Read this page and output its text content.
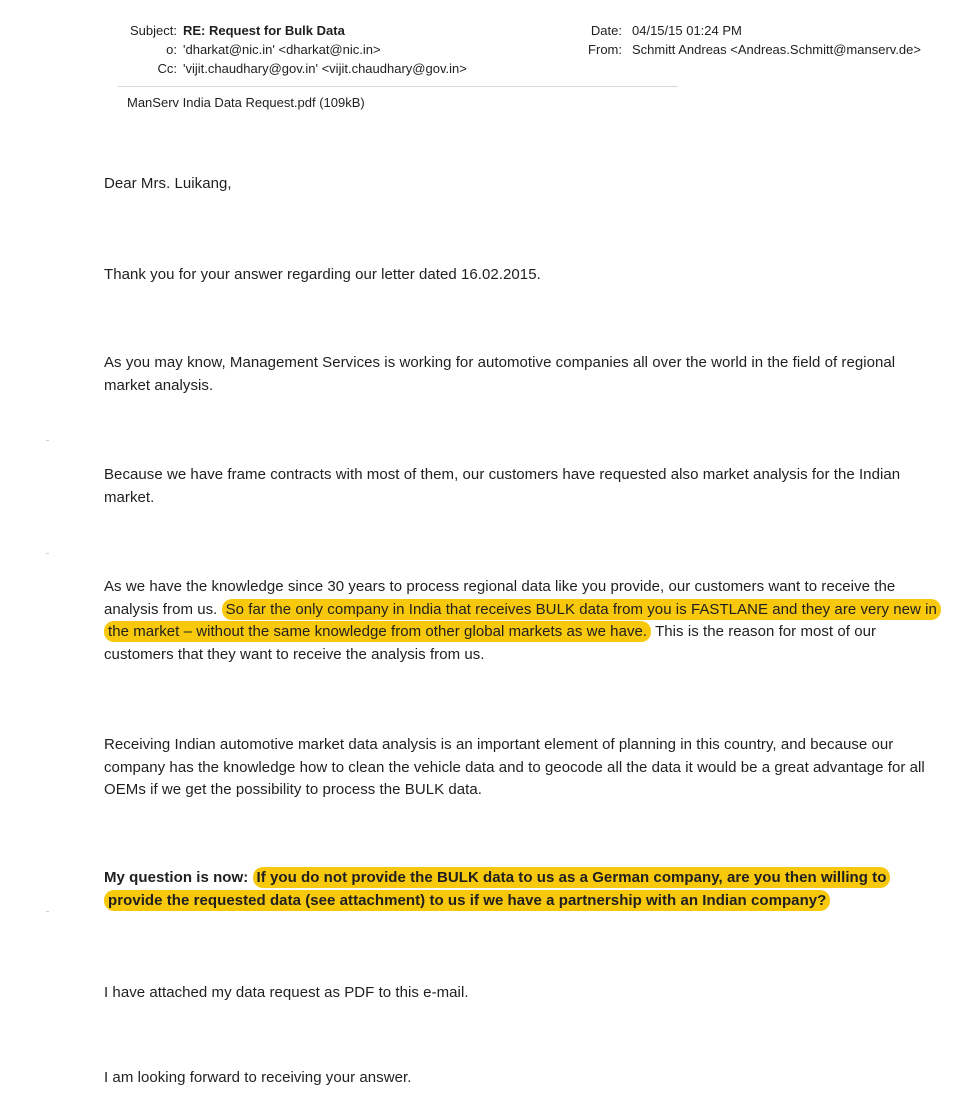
Subject: RE: Request for Bulk Data
o: 'dharkat@nic.in' <dharkat@nic.in>
Cc: 'vijit.chaudhary@gov.in' <vijit.chaudhary@gov.in>
Date: 04/15/15 01:24 PM
From: Schmitt Andreas <Andreas.Schmitt@manserv.de>
ManServ India Data Request.pdf (109kB)
Dear Mrs. Luikang,
Thank you for your answer regarding our letter dated 16.02.2015.
As you may know, Management Services is working for automotive companies all over the world in the field of regional market analysis.
Because we have frame contracts with most of them, our customers have requested also market analysis for the Indian market.
As we have the knowledge since 30 years to process regional data like you provide, our customers want to receive the analysis from us. So far the only company in India that receives BULK data from you is FASTLANE and they are very new in the market – without the same knowledge from other global markets as we have. This is the reason for most of our customers that they want to receive the analysis from us.
Receiving Indian automotive market data analysis is an important element of planning in this country, and because our company has the knowledge how to clean the vehicle data and to geocode all the data it would be a great advantage for all OEMs if we get the possibility to process the BULK data.
My question is now: If you do not provide the BULK data to us as a German company, are you then willing to provide the requested data (see attachment) to us if we have a partnership with an Indian company?
I have attached my data request as PDF to this e-mail.
I am looking forward to receiving your answer.
